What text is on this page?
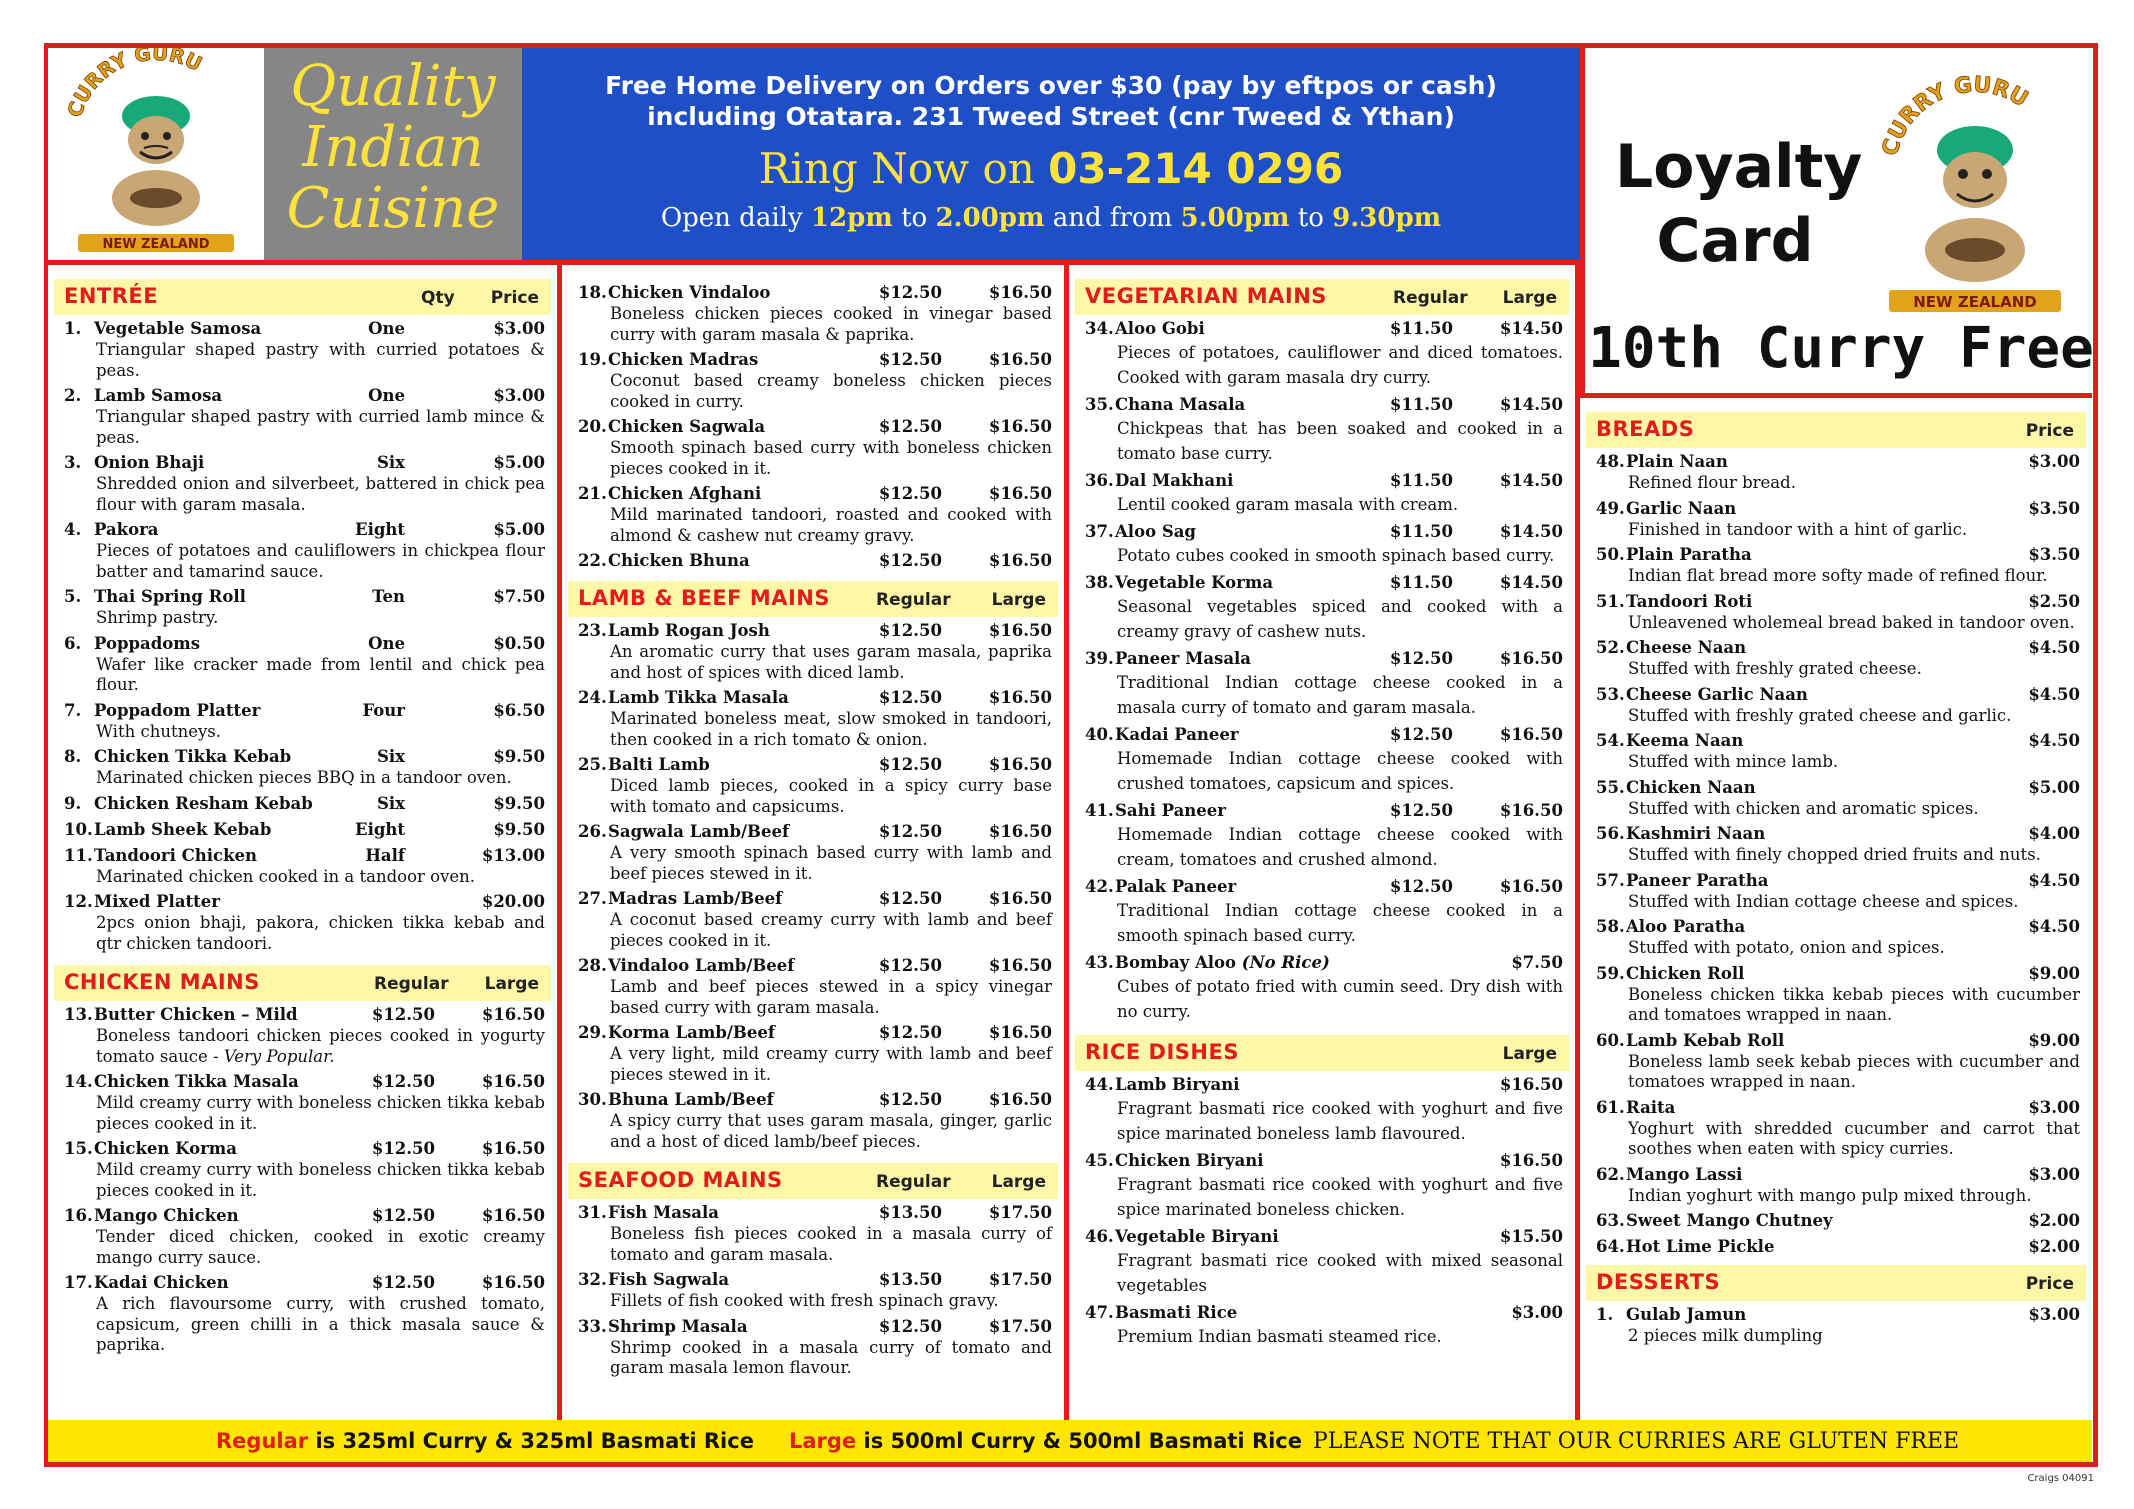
CURRY GURU
NEW ZEALAND
Quality
Indian
Cuisine
Free Home Delivery on Orders over $30 (pay by eftpos or cash)
including Otatara. 231 Tweed Street (cnr Tweed & Ythan)
Ring Now on 03-214 0296
Open daily 12pm to 2.00pm and from 5.00pm to 9.30pm
Loyalty
Card
CURRY GURU
NEW ZEALAND
10th Curry Free
ENTRÉE	Qty Price
1. Vegetable Samosa	One	$3.00
Triangular shaped pastry with curried potatoes & peas.
2. Lamb Samosa	One	$3.00
Triangular shaped pastry with curried lamb mince & peas.
3. Onion Bhaji	Six	$5.00
Shredded onion and silverbeet, battered in chick pea flour with garam masala.
4. Pakora	Eight	$5.00
Pieces of potatoes and cauliflowers in chickpea flour batter and tamarind sauce.
5. Thai Spring Roll	Ten	$7.50
Shrimp pastry.
6. Poppadoms	One	$0.50
Wafer like cracker made from lentil and chick pea flour.
7. Poppadom Platter	Four	$6.50
With chutneys.
8. Chicken Tikka Kebab	Six	$9.50
Marinated chicken pieces BBQ in a tandoor oven.
9. Chicken Resham Kebab	Six	$9.50
10.Lamb Sheek Kebab	Eight	$9.50
11.Tandoori Chicken	Half	$13.00
Marinated chicken cooked in a tandoor oven.
12.Mixed Platter	$20.00
2pcs onion bhaji, pakora, chicken tikka kebab and qtr chicken tandoori.
CHICKEN MAINS	Regular Large
13.Butter Chicken – Mild	$12.50	$16.50
Boneless tandoori chicken pieces cooked in yogurty tomato sauce - Very Popular.
14.Chicken Tikka Masala	$12.50	$16.50
Mild creamy curry with boneless chicken tikka kebab pieces cooked in it.
15.Chicken Korma	$12.50	$16.50
Mild creamy curry with boneless chicken tikka kebab pieces cooked in it.
16.Mango Chicken	$12.50	$16.50
Tender diced chicken, cooked in exotic creamy mango curry sauce.
17.Kadai Chicken	$12.50	$16.50
A rich flavoursome curry, with crushed tomato, capsicum, green chilli in a thick masala sauce & paprika.
18.Chicken Vindaloo	$12.50	$16.50
Boneless chicken pieces cooked in vinegar based curry with garam masala & paprika.
19.Chicken Madras	$12.50	$16.50
Coconut based creamy boneless chicken pieces cooked in curry.
20.Chicken Sagwala	$12.50	$16.50
Smooth spinach based curry with boneless chicken pieces cooked in it.
21.Chicken Afghani	$12.50	$16.50
Mild marinated tandoori, roasted and cooked with almond & cashew nut creamy gravy.
22.Chicken Bhuna	$12.50	$16.50
LAMB & BEEF MAINS	Regular Large
23.Lamb Rogan Josh	$12.50	$16.50
An aromatic curry that uses garam masala, paprika and host of spices with diced lamb.
24.Lamb Tikka Masala	$12.50	$16.50
Marinated boneless meat, slow smoked in tandoori, then cooked in a rich tomato & onion.
25.Balti Lamb	$12.50	$16.50
Diced lamb pieces, cooked in a spicy curry base with tomato and capsicums.
26.Sagwala Lamb/Beef	$12.50	$16.50
A very smooth spinach based curry with lamb and beef pieces stewed in it.
27.Madras Lamb/Beef	$12.50	$16.50
A coconut based creamy curry with lamb and beef pieces cooked in it.
28.Vindaloo Lamb/Beef	$12.50	$16.50
Lamb and beef pieces stewed in a spicy vinegar based curry with garam masala.
29.Korma Lamb/Beef	$12.50	$16.50
A very light, mild creamy curry with lamb and beef pieces stewed in it.
30.Bhuna Lamb/Beef	$12.50	$16.50
A spicy curry that uses garam masala, ginger, garlic and a host of diced lamb/beef pieces.
SEAFOOD MAINS	Regular Large
31.Fish Masala	$13.50	$17.50
Boneless fish pieces cooked in a masala curry of tomato and garam masala.
32.Fish Sagwala	$13.50	$17.50
Fillets of fish cooked with fresh spinach gravy.
33.Shrimp Masala	$12.50	$17.50
Shrimp cooked in a masala curry of tomato and garam masala lemon flavour.
VEGETARIAN MAINS	Regular Large
34.Aloo Gobi	$11.50	$14.50
Pieces of potatoes, cauliflower and diced tomatoes. Cooked with garam masala dry curry.
35.Chana Masala	$11.50	$14.50
Chickpeas that has been soaked and cooked in a tomato base curry.
36.Dal Makhani	$11.50	$14.50
Lentil cooked garam masala with cream.
37.Aloo Sag	$11.50	$14.50
Potato cubes cooked in smooth spinach based curry.
38.Vegetable Korma	$11.50	$14.50
Seasonal vegetables spiced and cooked with a creamy gravy of cashew nuts.
39.Paneer Masala	$12.50	$16.50
Traditional Indian cottage cheese cooked in a masala curry of tomato and garam masala.
40.Kadai Paneer	$12.50	$16.50
Homemade Indian cottage cheese cooked with crushed tomatoes, capsicum and spices.
41.Sahi Paneer	$12.50	$16.50
Homemade Indian cottage cheese cooked with cream, tomatoes and crushed almond.
42.Palak Paneer	$12.50	$16.50
Traditional Indian cottage cheese cooked in a smooth spinach based curry.
43.Bombay Aloo (No Rice)	$7.50
Cubes of potato fried with cumin seed. Dry dish with no curry.
RICE DISHES	Large
44.Lamb Biryani	$16.50
Fragrant basmati rice cooked with yoghurt and five spice marinated boneless lamb flavoured.
45.Chicken Biryani	$16.50
Fragrant basmati rice cooked with yoghurt and five spice marinated boneless chicken.
46.Vegetable Biryani	$15.50
Fragrant basmati rice cooked with mixed seasonal vegetables
47.Basmati Rice	$3.00
Premium Indian basmati steamed rice.
BREADS	Price
48.Plain Naan	$3.00
Refined flour bread.
49.Garlic Naan	$3.50
Finished in tandoor with a hint of garlic.
50.Plain Paratha	$3.50
Indian flat bread more softy made of refined flour.
51.Tandoori Roti	$2.50
Unleavened wholemeal bread baked in tandoor oven.
52.Cheese Naan	$4.50
Stuffed with freshly grated cheese.
53.Cheese Garlic Naan	$4.50
Stuffed with freshly grated cheese and garlic.
54.Keema Naan	$4.50
Stuffed with mince lamb.
55.Chicken Naan	$5.00
Stuffed with chicken and aromatic spices.
56.Kashmiri Naan	$4.00
Stuffed with finely chopped dried fruits and nuts.
57.Paneer Paratha	$4.50
Stuffed with Indian cottage cheese and spices.
58.Aloo Paratha	$4.50
Stuffed with potato, onion and spices.
59.Chicken Roll	$9.00
Boneless chicken tikka kebab pieces with cucumber and tomatoes wrapped in naan.
60.Lamb Kebab Roll	$9.00
Boneless lamb seek kebab pieces with cucumber and tomatoes wrapped in naan.
61.Raita	$3.00
Yoghurt with shredded cucumber and carrot that soothes when eaten with spicy curries.
62.Mango Lassi	$3.00
Indian yoghurt with mango pulp mixed through.
63.Sweet Mango Chutney	$2.00
64.Hot Lime Pickle	$2.00
DESSERTS	Price
1. Gulab Jamun	$3.00
2 pieces milk dumpling
Regular is 325ml Curry & 325ml Basmati Rice Large is 500ml Curry & 500ml Basmati Rice PLEASE NOTE THAT OUR CURRIES ARE GLUTEN FREE
Craigs 04091
